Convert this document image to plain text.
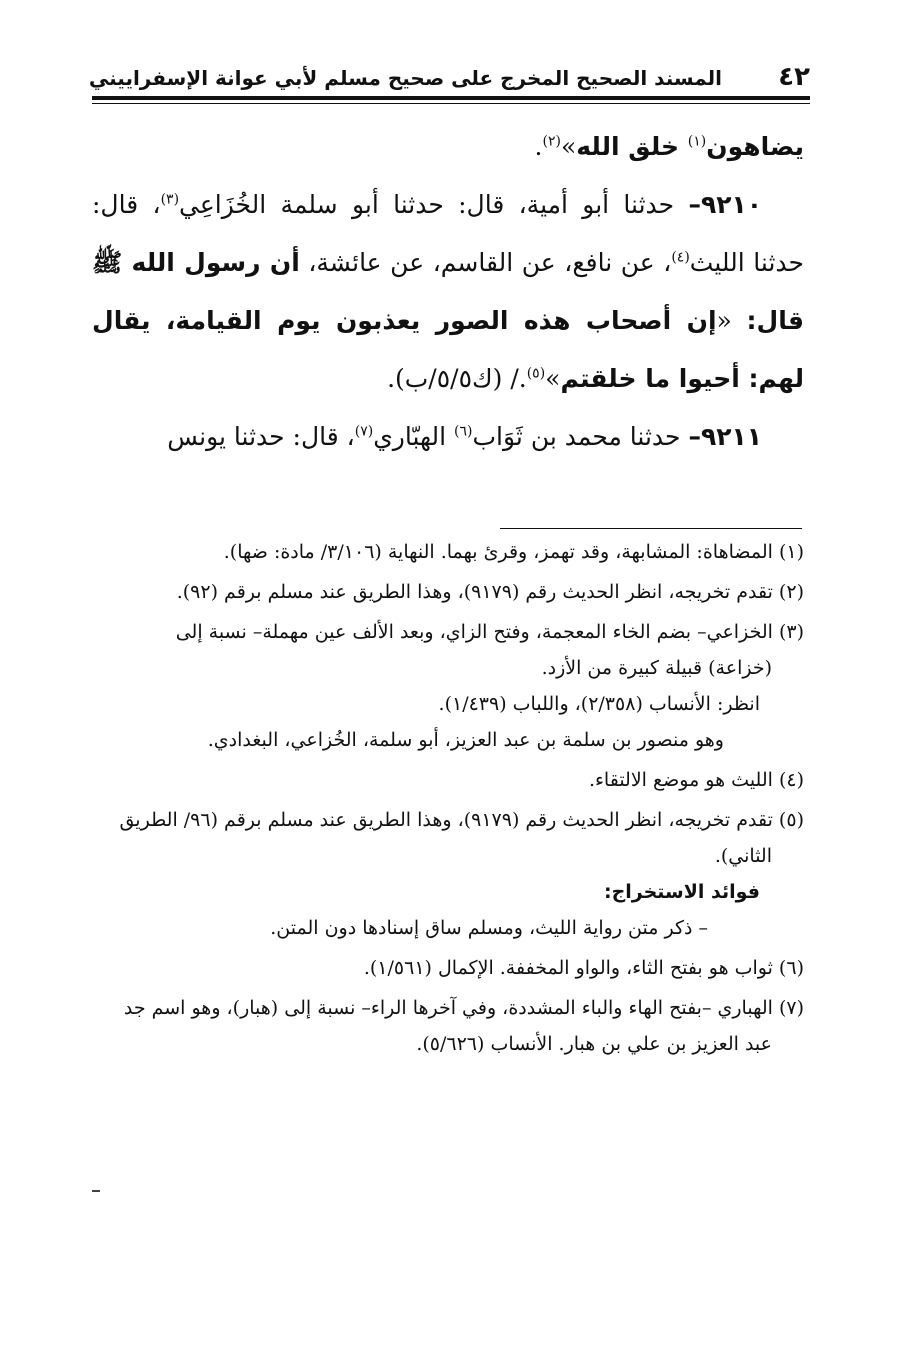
٤٢
المسند الصحيح المخرج على صحيح مسلم لأبي عوانة الإسفراييني

يضاهون$^{(١)}$ خلق الله»$^{(٢)}$.

٩٢١٠– حدثنا أبو أمية، قال: حدثنا أبو سلمة الخُزَاعِي$^{(٣)}$، قال: حدثنا الليث$^{(٤)}$، عن نافع، عن القاسم، عن عائشة، أن رسول الله ﷺ قال: «إن أصحاب هذه الصور يعذبون يوم القيامة، يقال لهم: أحيوا ما خلقتم»$^{(٥)}$./ (ك٥/٥/ب).

٩٢١١– حدثنا محمد بن ثَوَاب$^{(٦)}$ الهبّاري$^{(٧)}$، قال: حدثنا يونس

(١) المضاهاة: المشابهة، وقد تهمز، وقرئ بهما. النهاية (٣/١٠٦/ مادة: ضها).

(٢) تقدم تخريجه، انظر الحديث رقم (٩١٧٩)، وهذا الطريق عند مسلم برقم (٩٢).

(٣) الخزاعي– بضم الخاء المعجمة، وفتح الزاي، وبعد الألف عين مهملة– نسبة إلى

(خزاعة) قبيلة كبيرة من الأزد.

انظر: الأنساب (٢/٣٥٨)، واللباب (١/٤٣٩).

وهو منصور بن سلمة بن عبد العزيز، أبو سلمة، الخُزاعي، البغدادي.

(٤) الليث هو موضع الالتقاء.

(٥) تقدم تخريجه، انظر الحديث رقم (٩١٧٩)، وهذا الطريق عند مسلم برقم (٩٦/ الطريق

الثاني).

فوائد الاستخراج:

– ذكر متن رواية الليث، ومسلم ساق إسنادها دون المتن.

(٦) ثواب هو بفتح الثاء، والواو المخففة. الإكمال (١/٥٦١).

(٧) الهباري –بفتح الهاء والباء المشددة، وفي آخرها الراء– نسبة إلى (هبار)، وهو اسم جد

عبد العزيز بن علي بن هبار. الأنساب (٥/٦٢٦).
